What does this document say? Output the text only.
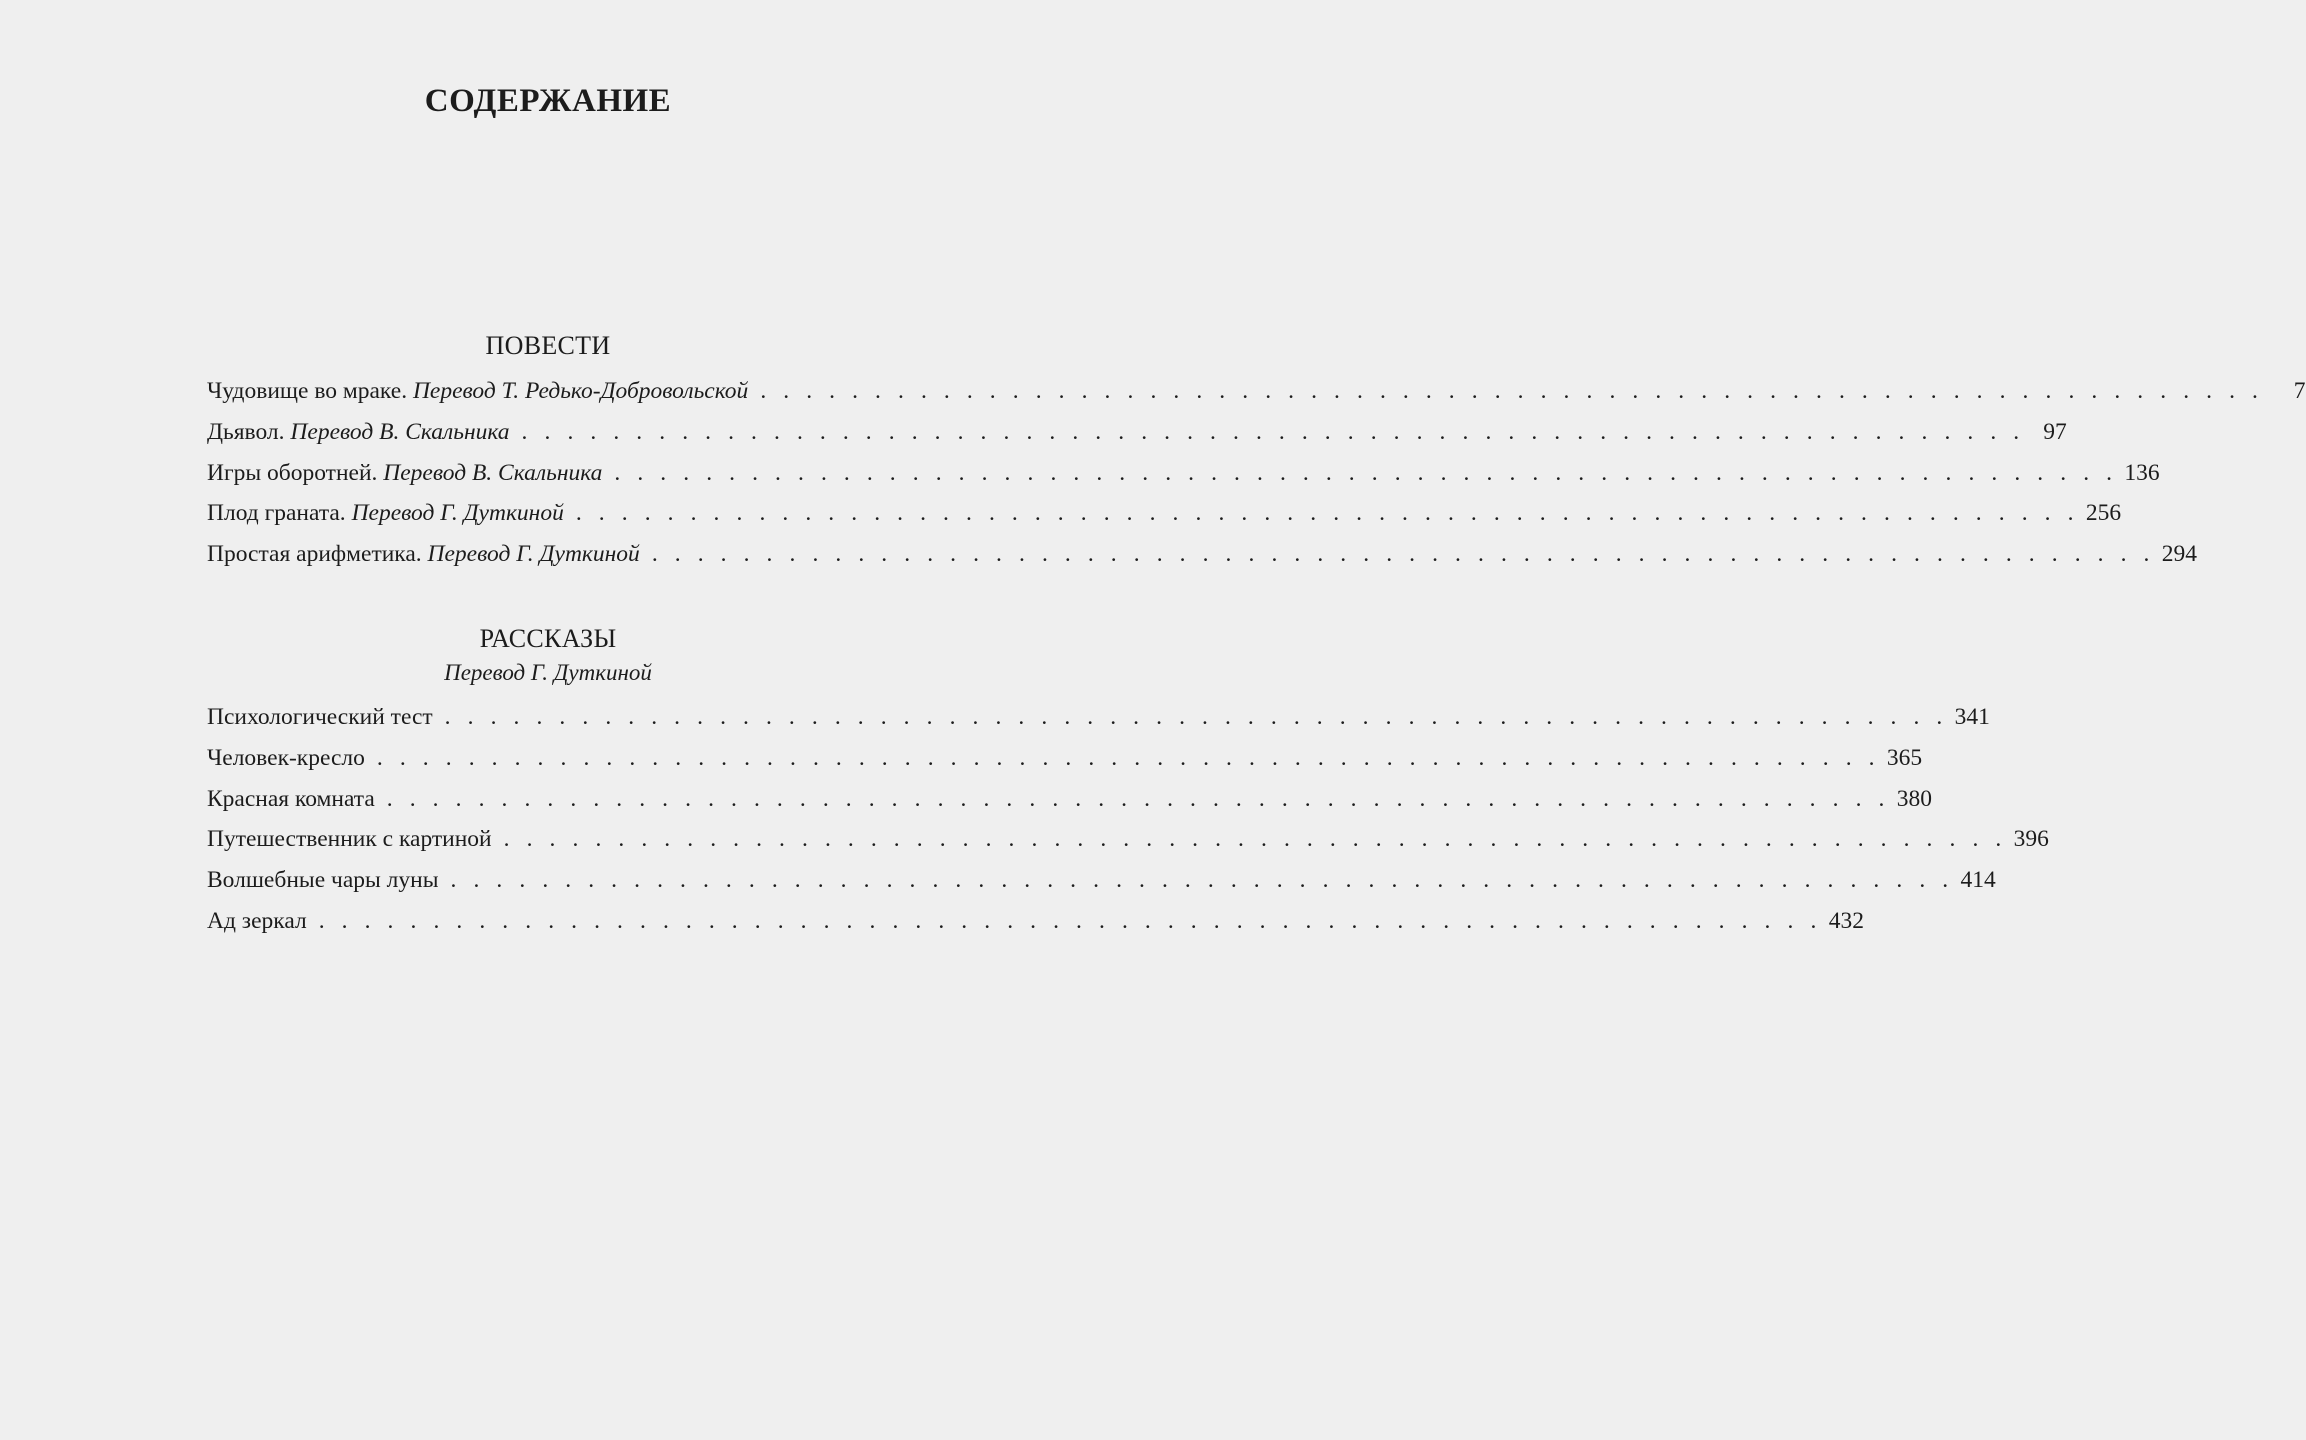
СОДЕРЖАНИЕ
ПОВЕСТИ
Чудовище во мраке. Перевод Т. Редько-Добровольской . . . . . . . . . . . . . . . . . . . . . . . . . . . . . . . . . . . . . . . . . . . . . . . . . . . . . . . . . . . . . . . . . .	7
Дьявол. Перевод В. Скальника . . . . . . . . . . . . . . . . . . . . . . . . . . . . . . . . . . . . . . . . . . . . . . . . . . . . . . . . . . . . . . . . . . 97
Игры оборотней. Перевод В. Скальника . . . . . . . . . . . . . . . . . . . . . . . . . . . . . . . . . . . . . . . . . . . . . . . . . . . . . . . . . . . . . . . . . . 136
Плод граната. Перевод Г. Дуткиной . . . . . . . . . . . . . . . . . . . . . . . . . . . . . . . . . . . . . . . . . . . . . . . . . . . . . . . . . . . . . . . . . . 256
Простая арифметика. Перевод Г. Дуткиной . . . . . . . . . . . . . . . . . . . . . . . . . . . . . . . . . . . . . . . . . . . . . . . . . . . . . . . . . . . . . . . . . . 294
РАССКАЗЫ

Перевод Г. Дуткиной

Психологический тест . . . . . . . . . . . . . . . . . . . . . . . . . . . . . . . . . . . . . . . . . . . . . . . . . . . . . . . . . . . . . . . . . . 341
Человек-кресло . . . . . . . . . . . . . . . . . . . . . . . . . . . . . . . . . . . . . . . . . . . . . . . . . . . . . . . . . . . . . . . . . . 365
Красная комната . . . . . . . . . . . . . . . . . . . . . . . . . . . . . . . . . . . . . . . . . . . . . . . . . . . . . . . . . . . . . . . . . . 380
Путешественник с картиной . . . . . . . . . . . . . . . . . . . . . . . . . . . . . . . . . . . . . . . . . . . . . . . . . . . . . . . . . . . . . . . . . . 396
Волшебные чары луны . . . . . . . . . . . . . . . . . . . . . . . . . . . . . . . . . . . . . . . . . . . . . . . . . . . . . . . . . . . . . . . . . . 414
Ад зеркал . . . . . . . . . . . . . . . . . . . . . . . . . . . . . . . . . . . . . . . . . . . . . . . . . . . . . . . . . . . . . . . . . . 432
